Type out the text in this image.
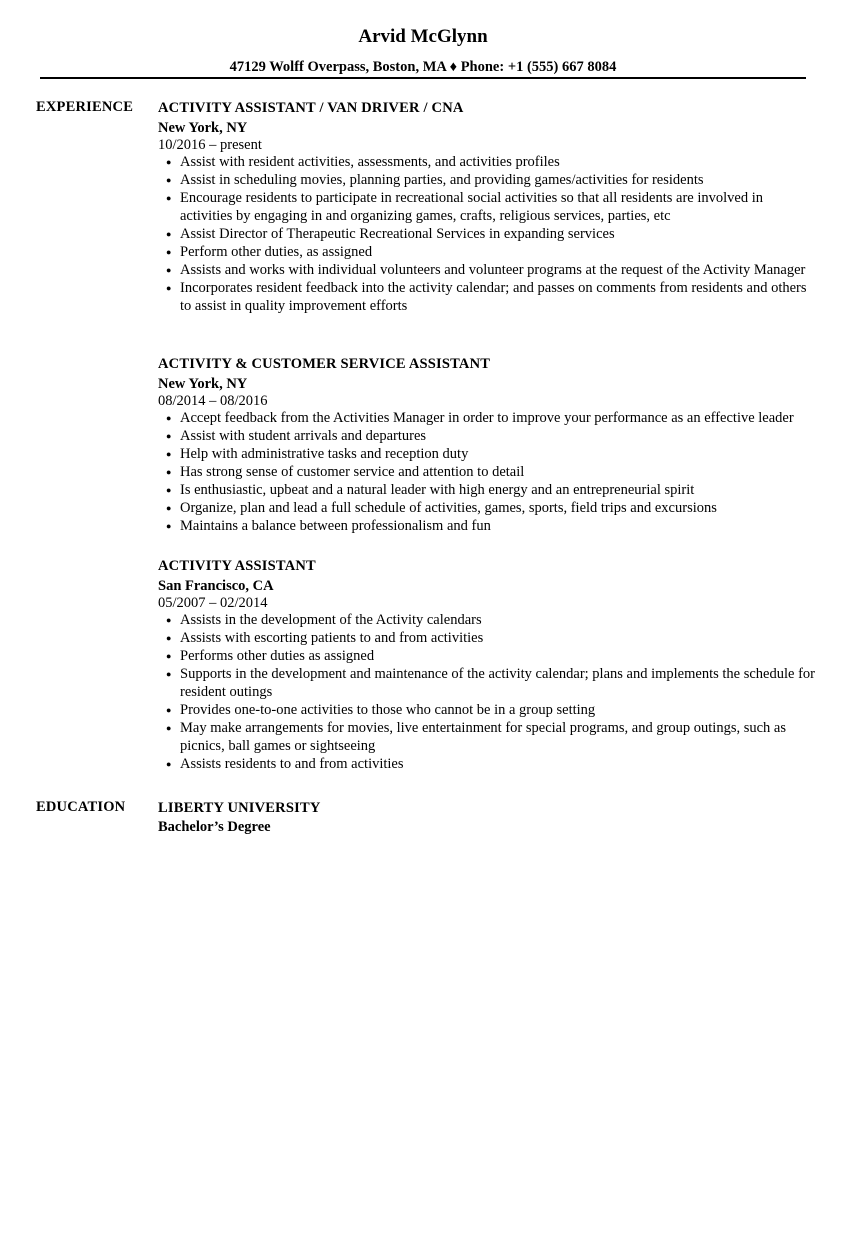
Arvid McGlynn
47129 Wolff Overpass, Boston, MA ♦ Phone: +1 (555) 667 8084
EXPERIENCE ACTIVITY ASSISTANT / VAN DRIVER / CNA
New York, NY
10/2016 – present
● Assist with resident activities, assessments, and activities profiles
● Assist in scheduling movies, planning parties, and providing games/activities for residents
● Encourage residents to participate in recreational social activities so that all residents are involved in activities by engaging in and organizing games, crafts, religious services, parties, etc
● Assist Director of Therapeutic Recreational Services in expanding services
● Perform other duties, as assigned
● Assists and works with individual volunteers and volunteer programs at the request of the Activity Manager
● Incorporates resident feedback into the activity calendar; and passes on comments from residents and others to assist in quality improvement efforts
ACTIVITY & CUSTOMER SERVICE ASSISTANT
New York, NY
08/2014 – 08/2016
● Accept feedback from the Activities Manager in order to improve your performance as an effective leader
● Assist with student arrivals and departures
● Help with administrative tasks and reception duty
● Has strong sense of customer service and attention to detail
● Is enthusiastic, upbeat and a natural leader with high energy and an entrepreneurial spirit
● Organize, plan and lead a full schedule of activities, games, sports, field trips and excursions
● Maintains a balance between professionalism and fun
ACTIVITY ASSISTANT
San Francisco, CA
05/2007 – 02/2014
● Assists in the development of the Activity calendars
● Assists with escorting patients to and from activities
● Performs other duties as assigned
● Supports in the development and maintenance of the activity calendar; plans and implements the schedule for resident outings
● Provides one-to-one activities to those who cannot be in a group setting
● May make arrangements for movies, live entertainment for special programs, and group outings, such as picnics, ball games or sightseeing
● Assists residents to and from activities
EDUCATION LIBERTY UNIVERSITY
Bachelor’s Degree
